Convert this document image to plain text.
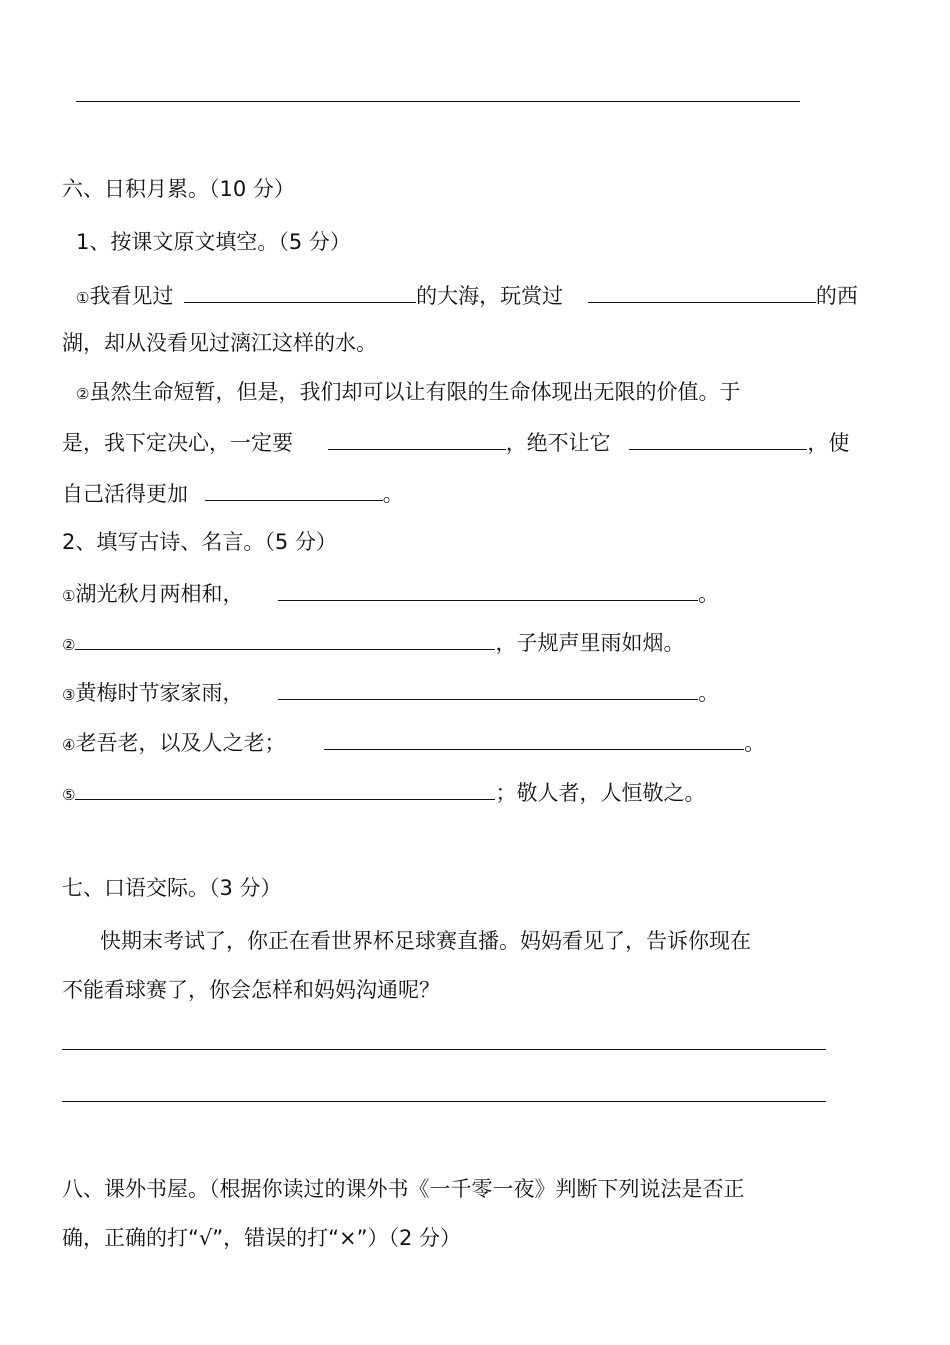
六、日积月累。（10 分）
1、按课文原文填空。（5 分）
①我看见过	的大海，玩赏过	的西
湖，却从没看见过漓江这样的水。
②虽然生命短暂，但是，我们却可以让有限的生命体现出无限的价值。于
是，我下定决心，一定要	，绝不让它	，使
自己活得更加	。
2、填写古诗、名言。（5 分）
①湖光秋月两相和，	。
②	，子规声里雨如烟。
③黄梅时节家家雨，	。
④老吾老，以及人之老；	。
⑤	；敬人者，人恒敬之。
七、口语交际。（3 分）
快期末考试了，你正在看世界杯足球赛直播。妈妈看见了，告诉你现在
不能看球赛了，你会怎样和妈妈沟通呢？
八、课外书屋。（根据你读过的课外书《一千零一夜》判断下列说法是否正
确，正确的打“√”，错误的打“×”）（2 分）
